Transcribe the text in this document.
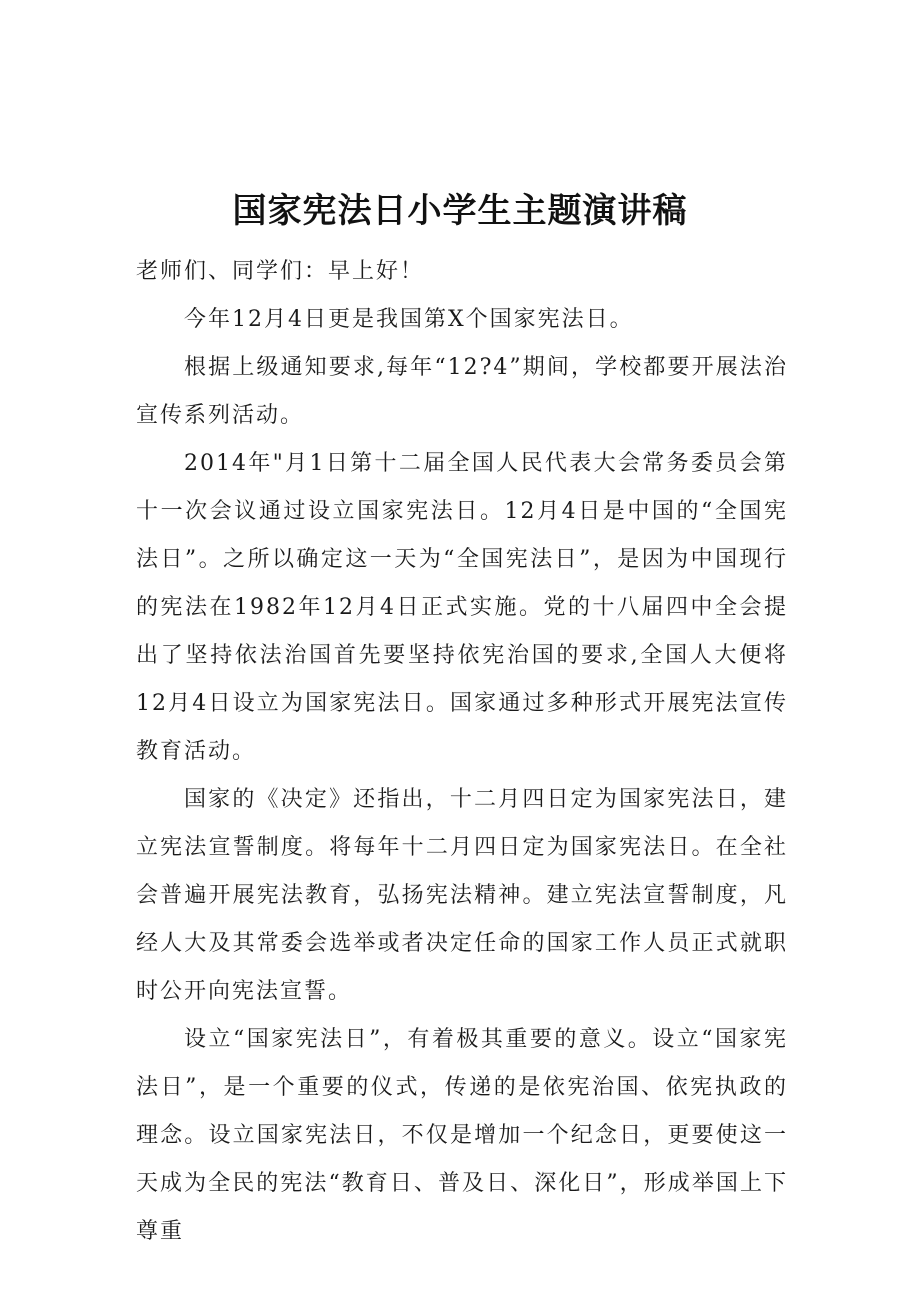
国家宪法日小学生主题演讲稿

老师们、同学们：早上好！

今年12月4日更是我国第X个国家宪法日。

根据上级通知要求,每年“12?4”期间，学校都要开展法治宣传系列活动。

2014年"月1日第十二届全国人民代表大会常务委员会第十一次会议通过设立国家宪法日。12月4日是中国的“全国宪法日”。之所以确定这一天为“全国宪法日”，是因为中国现行的宪法在1982年12月4日正式实施。党的十八届四中全会提出了坚持依法治国首先要坚持依宪治国的要求,全国人大便将12月4日设立为国家宪法日。国家通过多种形式开展宪法宣传教育活动。

国家的《决定》还指出，十二月四日定为国家宪法日，建立宪法宣誓制度。将每年十二月四日定为国家宪法日。在全社会普遍开展宪法教育，弘扬宪法精神。建立宪法宣誓制度，凡经人大及其常委会选举或者决定任命的国家工作人员正式就职时公开向宪法宣誓。

设立“国家宪法日”，有着极其重要的意义。设立“国家宪法日”，是一个重要的仪式，传递的是依宪治国、依宪执政的理念。设立国家宪法日，不仅是增加一个纪念日，更要使这一天成为全民的宪法“教育日、普及日、深化日”，形成举国上下尊重
